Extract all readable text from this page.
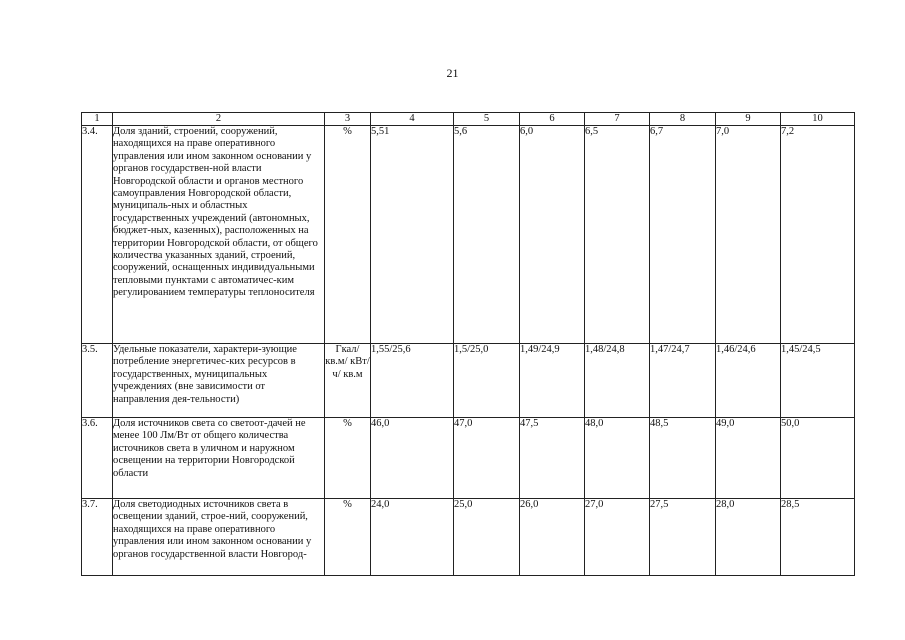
21
1	2	3	4	5	6	7	8	9	10
3.4.	Доля зданий, строений, сооружений, находящихся на праве оперативного управления или ином законном основании у органов государствен-ной власти Новгородской области и органов местного самоуправления Новгородской области, муниципаль-ных и областных государственных учреждений (автономных, бюджет-ных, казенных), расположенных на территории Новгородской области, от общего количества указанных зданий, строений, сооружений, оснащенных индивидуальными тепловыми пунктами с автоматичес-ким регулированием температуры теплоносителя	%	5,51	5,6	6,0	6,5	6,7	7,0	7,2
3.5.	Удельные показатели, характери-зующие потребление энергетичес-ких ресурсов в государственных, муниципальных учреждениях (вне зависимости от направления дея-тельности)	Гкал/ кв.м/ кВт/ч/ кв.м	1,55/25,6	1,5/25,0	1,49/24,9	1,48/24,8	1,47/24,7	1,46/24,6	1,45/24,5
3.6.	Доля источников света со светоот-дачей не менее 100 Лм/Вт от общего количества источников света в уличном и наружном освещении на территории Новгородской области	%	46,0	47,0	47,5	48,0	48,5	49,0	50,0
3.7.	Доля светодиодных источников света в освещении зданий, строе-ний, сооружений, находящихся на праве оперативного управления или ином законном основании у органов государственной власти Новгород-	%	24,0	25,0	26,0	27,0	27,5	28,0	28,5
